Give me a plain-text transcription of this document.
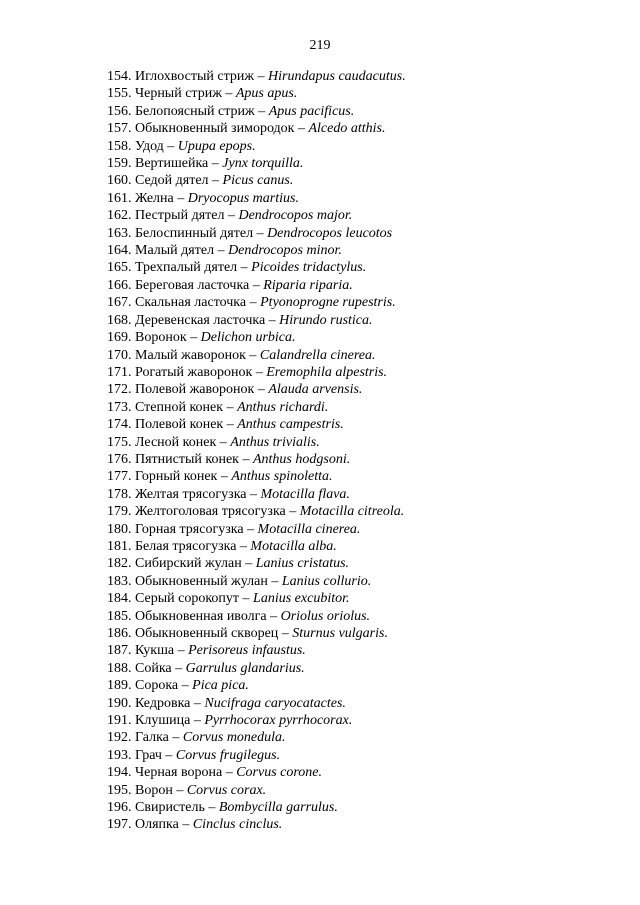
219
154. Иглохвостый стриж – Hirundapus caudacutus.
155. Черный стриж – Apus apus.
156. Белопоясный стриж – Apus pacificus.
157. Обыкновенный зимородок – Alcedo atthis.
158. Удод – Upupa epops.
159. Вертишейка – Jynx torquilla.
160. Седой дятел – Picus canus.
161. Желна – Dryocopus martius.
162. Пестрый дятел – Dendrocopos major.
163. Белоспинный дятел – Dendrocopos leucotos
164. Малый дятел – Dendrocopos minor.
165. Трехпалый дятел – Picoides tridactylus.
166. Береговая ласточка – Riparia riparia.
167. Скальная ласточка – Ptyonoprogne rupestris.
168. Деревенская ласточка – Hirundo rustica.
169. Воронок – Delichon urbica.
170. Малый жаворонок – Calandrella cinerea.
171. Рогатый жаворонок – Eremophila alpestris.
172. Полевой жаворонок – Alauda arvensis.
173. Степной конек – Anthus richardi.
174. Полевой конек – Anthus campestris.
175. Лесной конек – Anthus trivialis.
176. Пятнистый конек – Anthus hodgsoni.
177. Горный конек – Anthus spinoletta.
178. Желтая трясогузка – Motacilla flava.
179. Желтоголовая трясогузка – Motacilla citreola.
180. Горная трясогузка – Motacilla cinerea.
181. Белая трясогузка – Motacilla alba.
182. Сибирский жулан – Lanius cristatus.
183. Обыкновенный жулан – Lanius collurio.
184. Серый сорокопут – Lanius excubitor.
185. Обыкновенная иволга – Oriolus oriolus.
186. Обыкновенный скворец – Sturnus vulgaris.
187. Кукша – Perisoreus infaustus.
188. Сойка – Garrulus glandarius.
189. Сорока – Pica pica.
190. Кедровка – Nucifraga caryocatactes.
191. Клушица – Pyrrhocorax pyrrhocorax.
192. Галка – Corvus monedula.
193. Грач – Corvus frugilegus.
194. Черная ворона – Corvus corone.
195. Ворон – Corvus corax.
196. Свиристель – Bombycilla garrulus.
197. Оляпка – Cinclus cinclus.
